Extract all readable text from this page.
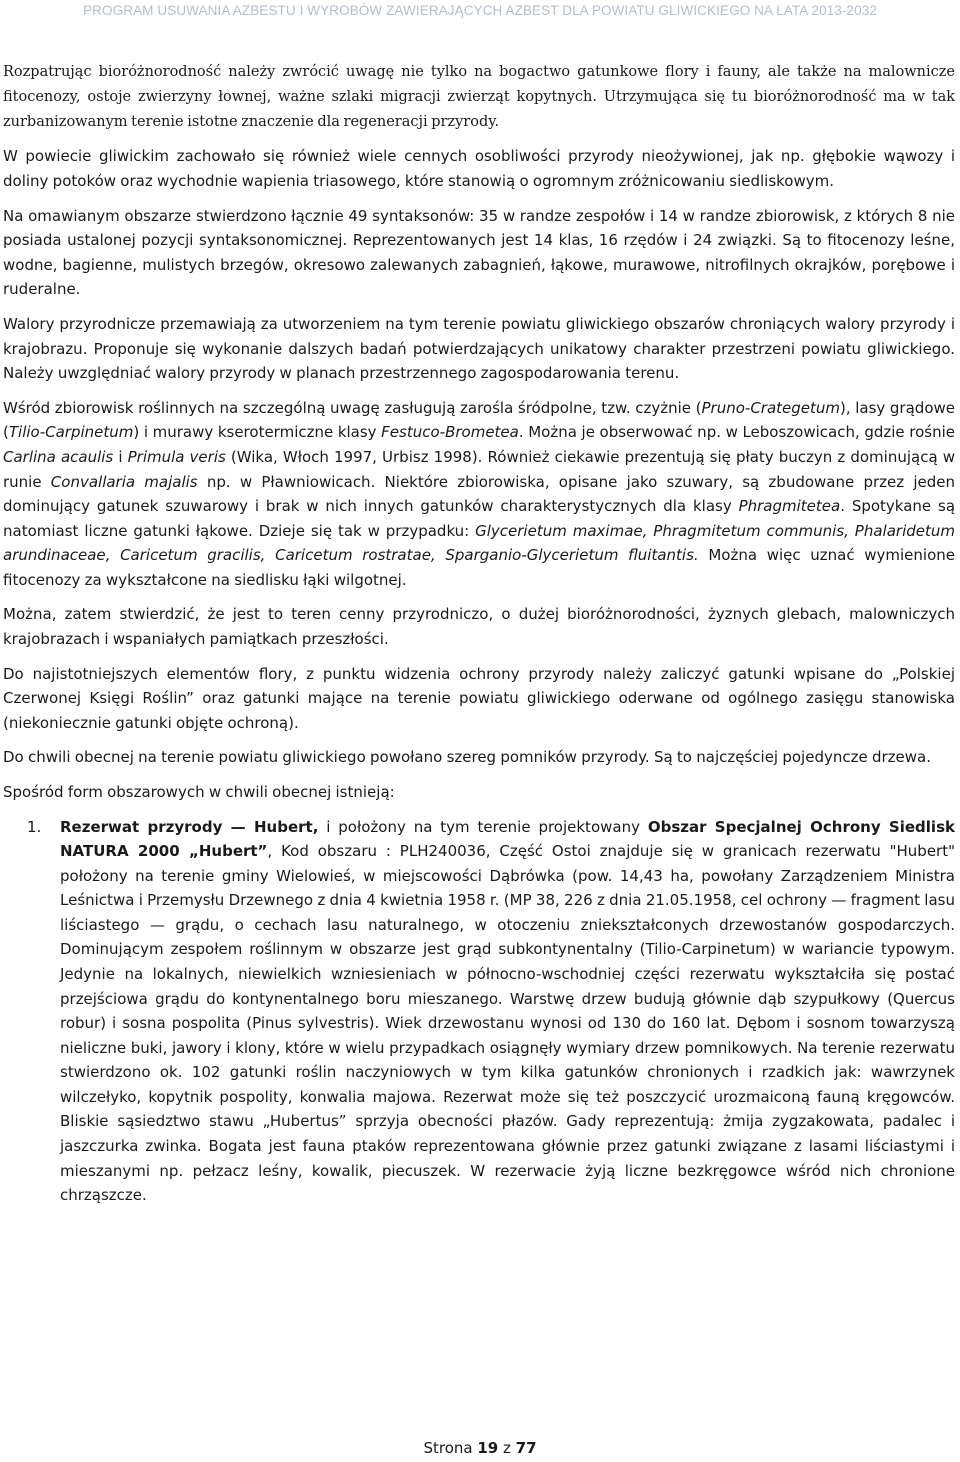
PROGRAM USUWANIA AZBESTU I WYROBÓW ZAWIERAJĄCYCH AZBEST DLA POWIATU GLIWICKIEGO NA LATA 2013-2032

Rozpatrując bioróżnorodność należy zwrócić uwagę nie tylko na bogactwo gatunkowe flory i fauny, ale także na malownicze fitocenozy, ostoje zwierzyny łownej, ważne szlaki migracji zwierząt kopytnych. Utrzymująca się tu bioróżnorodność ma w tak zurbanizowanym terenie istotne znaczenie dla regeneracji przyrody.

W powiecie gliwickim zachowało się również wiele cennych osobliwości przyrody nieożywionej, jak np. głębokie wąwozy i doliny potoków oraz wychodnie wapienia triasowego, które stanowią o ogromnym zróżnicowaniu siedliskowym.

Na omawianym obszarze stwierdzono łącznie 49 syntaksonów: 35 w randze zespołów i 14 w randze zbiorowisk, z których 8 nie posiada ustalonej pozycji syntaksonomicznej. Reprezentowanych jest 14 klas, 16 rzędów i 24 związki. Są to fitocenozy leśne, wodne, bagienne, mulistych brzegów, okresowo zalewanych zabagnień, łąkowe, murawowe, nitrofilnych okrajków, porębowe i ruderalne.

Walory przyrodnicze przemawiają za utworzeniem na tym terenie powiatu gliwickiego obszarów chroniących walory przyrody i krajobrazu. Proponuje się wykonanie dalszych badań potwierdzających unikatowy charakter przestrzeni powiatu gliwickiego. Należy uwzględniać walory przyrody w planach przestrzennego zagospodarowania terenu.

Wśród zbiorowisk roślinnych na szczególną uwagę zasługują zarośla śródpolne, tzw. czyżnie (Pruno-Crategetum), lasy grądowe (Tilio-Carpinetum) i murawy kserotermiczne klasy Festuco-Brometea. Można je obserwować np. w Leboszowicach, gdzie rośnie Carlina acaulis i Primula veris (Wika, Włoch 1997, Urbisz 1998). Również ciekawie prezentują się płaty buczyn z dominującą w runie Convallaria majalis np. w Pławniowicach. Niektóre zbiorowiska, opisane jako szuwary, są zbudowane przez jeden dominujący gatunek szuwarowy i brak w nich innych gatunków charakterystycznych dla klasy Phragmitetea. Spotykane są natomiast liczne gatunki łąkowe. Dzieje się tak w przypadku: Glycerietum maximae, Phragmitetum communis, Phalaridetum arundinaceae, Caricetum gracilis, Caricetum rostratae, Sparganio-Glycerietum fluitantis. Można więc uznać wymienione fitocenozy za wykształcone na siedlisku łąki wilgotnej.

Można, zatem stwierdzić, że jest to teren cenny przyrodniczo, o dużej bioróżnorodności, żyznych glebach, malowniczych krajobrazach i wspaniałych pamiątkach przeszłości.

Do najistotniejszych elementów flory, z punktu widzenia ochrony przyrody należy zaliczyć gatunki wpisane do „Polskiej Czerwonej Księgi Roślin” oraz gatunki mające na terenie powiatu gliwickiego oderwane od ogólnego zasięgu stanowiska (niekoniecznie gatunki objęte ochroną).

Do chwili obecnej na terenie powiatu gliwickiego powołano szereg pomników przyrody. Są to najczęściej pojedyncze drzewa.

Spośród form obszarowych w chwili obecnej istnieją:

1. Rezerwat przyrody — Hubert, i położony na tym terenie projektowany Obszar Specjalnej Ochrony Siedlisk NATURA 2000 „Hubert”, Kod obszaru : PLH240036, Część Ostoi znajduje się w granicach rezerwatu "Hubert" położony na terenie gminy Wielowieś, w miejscowości Dąbrówka (pow. 14,43 ha, powołany Zarządzeniem Ministra Leśnictwa i Przemysłu Drzewnego z dnia 4 kwietnia 1958 r. (MP 38, 226 z dnia 21.05.1958, cel ochrony — fragment lasu liściastego — grądu, o cechach lasu naturalnego, w otoczeniu zniekształconych drzewostanów gospodarczych. Dominującym zespołem roślinnym w obszarze jest grąd subkontynentalny (Tilio-Carpinetum) w wariancie typowym. Jedynie na lokalnych, niewielkich wzniesieniach w północno-wschodniej części rezerwatu wykształciła się postać przejściowa grądu do kontynentalnego boru mieszanego. Warstwę drzew budują głównie dąb szypułkowy (Quercus robur) i sosna pospolita (Pinus sylvestris). Wiek drzewostanu wynosi od 130 do 160 lat. Dębom i sosnom towarzyszą nieliczne buki, jawory i klony, które w wielu przypadkach osiągnęły wymiary drzew pomnikowych. Na terenie rezerwatu stwierdzono ok. 102 gatunki roślin naczyniowych w tym kilka gatunków chronionych i rzadkich jak: wawrzynek wilczełyko, kopytnik pospolity, konwalia majowa. Rezerwat może się też poszczycić urozmaiconą fauną kręgowców. Bliskie sąsiedztwo stawu „Hubertus” sprzyja obecności płazów. Gady reprezentują: żmija zygzakowata, padalec i jaszczurka zwinka. Bogata jest fauna ptaków reprezentowana głównie przez gatunki związane z lasami liściastymi i mieszanymi np. pełzacz leśny, kowalik, piecuszek. W rezerwacie żyją liczne bezkręgowce wśród nich chronione chrząszcze.

Strona 19 z 77
